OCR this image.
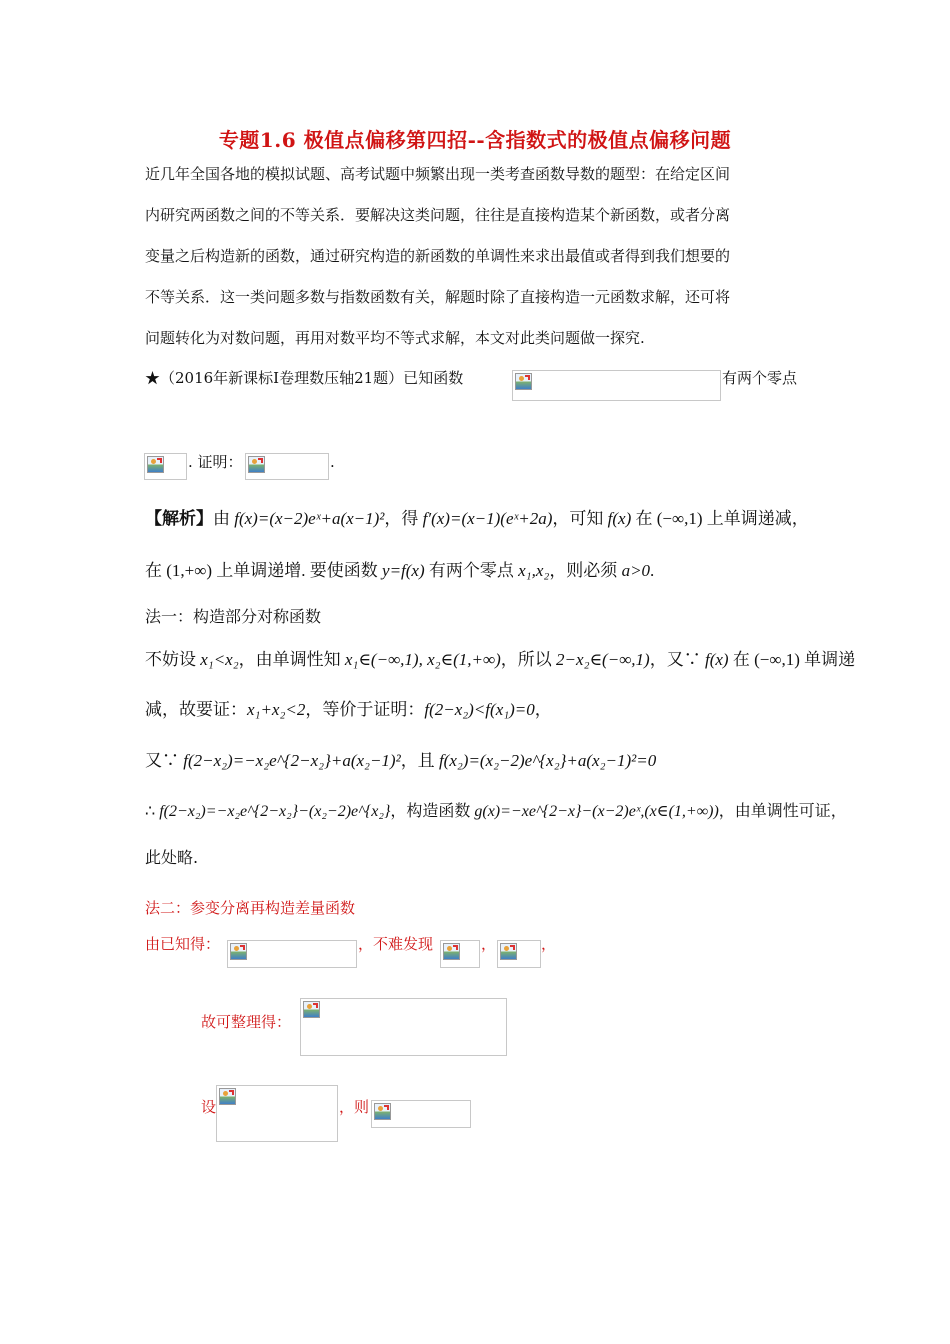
专题1.6 极值点偏移第四招--含指数式的极值点偏移问题
近几年全国各地的模拟试题、高考试题中频繁出现一类考查函数导数的题型：在给定区间
内研究两函数之间的不等关系．要解决这类问题，往往是直接构造某个新函数，或者分离
变量之后构造新的函数，通过研究构造的新函数的单调性来求出最值或者得到我们想要的
不等关系．这一类问题多数与指数函数有关，解题时除了直接构造一元函数求解，还可将
问题转化为对数问题，再用对数平均不等式求解，本文对此类问题做一探究.
★（2016年新课标I卷理数压轴21题）已知函数	有两个零点
. 证明：	.
【解析】由 f(x)=(x−2)eˣ+a(x−1)²，得 f′(x)=(x−1)(eˣ+2a)，可知 f(x) 在 (−∞,1) 上单调递减，
在 (1,+∞) 上单调递增. 要使函数 y=f(x) 有两个零点 x₁,x₂，则必须 a>0.
法一：构造部分对称函数
不妨设 x₁<x₂，由单调性知 x₁∈(−∞,1), x₂∈(1,+∞)，所以 2−x₂∈(−∞,1)，又∵ f(x) 在 (−∞,1) 单调递
减，故要证：x₁+x₂<2，等价于证明：f(2−x₂)<f(x₁)=0，
又∵ f(2−x₂)=−x₂e^{2−x₂}+a(x₂−1)²，且 f(x₂)=(x₂−2)e^{x₂}+a(x₂−1)²=0
∴ f(2−x₂)=−x₂e^{2−x₂}−(x₂−2)e^{x₂}，构造函数 g(x)=−xe^{2−x}−(x−2)eˣ,(x∈(1,+∞))，由单调性可证，
此处略.
法二：参变分离再构造差量函数
由已知得：	，不难发现	，	，
故可整理得：
设	，则
